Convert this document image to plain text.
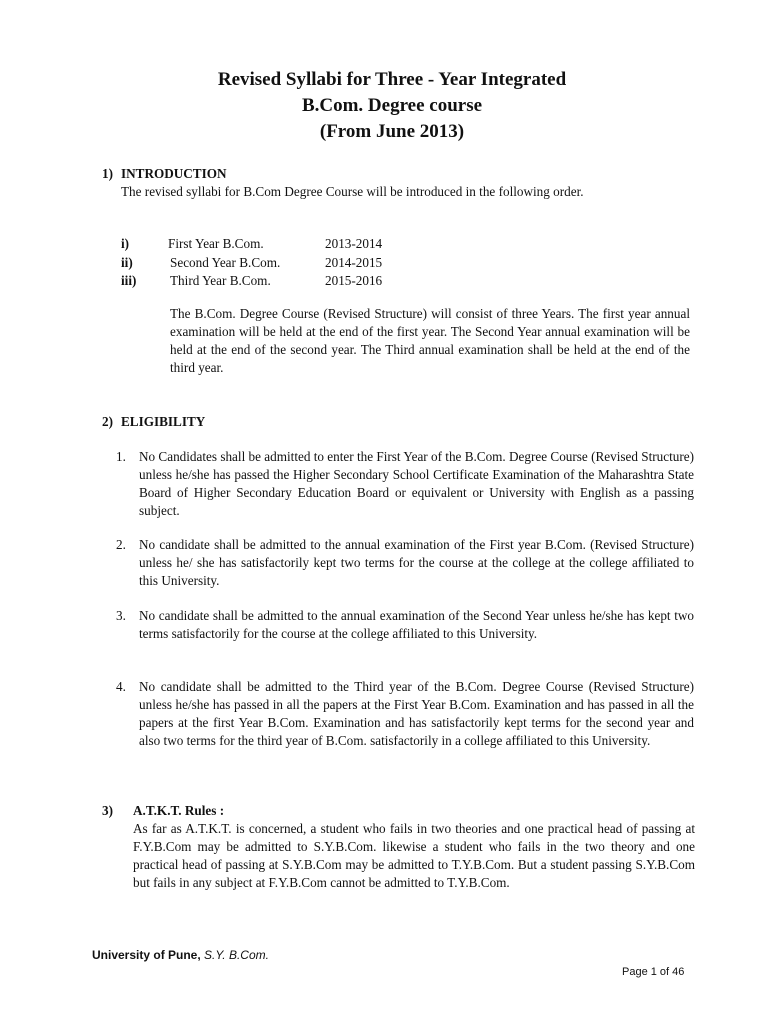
Revised Syllabi for Three - Year Integrated
B.Com. Degree course
(From June 2013)
1) INTRODUCTION
The revised syllabi for B.Com Degree Course will be introduced in the following order.
i)	First Year B.Com.	2013-2014
ii)	Second Year B.Com.	2014-2015
iii)	Third Year B.Com.	2015-2016
The B.Com. Degree Course (Revised Structure) will consist of three Years. The first year annual examination will be held at the end of the first year. The Second Year annual examination will be held at the end of the second year. The Third annual examination shall be held at the end of the third year.
2) ELIGIBILITY
1. No Candidates shall be admitted to enter the First Year of the B.Com. Degree Course (Revised Structure) unless he/she has passed the Higher Secondary School Certificate Examination of the Maharashtra State Board of Higher Secondary Education Board or equivalent or University with English as a passing subject.
2. No candidate shall be admitted to the annual examination of the First year B.Com. (Revised Structure) unless he/ she has satisfactorily kept two terms for the course at the college at the college affiliated to this University.
3. No candidate shall be admitted to the annual examination of the Second Year unless he/she has kept two terms satisfactorily for the course at the college affiliated to this University.
4. No candidate shall be admitted to the Third year of the B.Com. Degree Course (Revised Structure) unless he/she has passed in all the papers at the First Year B.Com. Examination and has passed in all the papers at the first Year B.Com. Examination and has satisfactorily kept terms for the second year and also two terms for the third year of B.Com. satisfactorily in a college affiliated to this University.
3) A.T.K.T. Rules :
As far as A.T.K.T. is concerned, a student who fails in two theories and one practical head of passing at F.Y.B.Com may be admitted to S.Y.B.Com. likewise a student who fails in the two theory and one practical head of passing at S.Y.B.Com may be admitted to T.Y.B.Com. But a student passing S.Y.B.Com but fails in any subject at F.Y.B.Com cannot be admitted to T.Y.B.Com.
University of Pune, S.Y. B.Com.
Page 1 of 46
